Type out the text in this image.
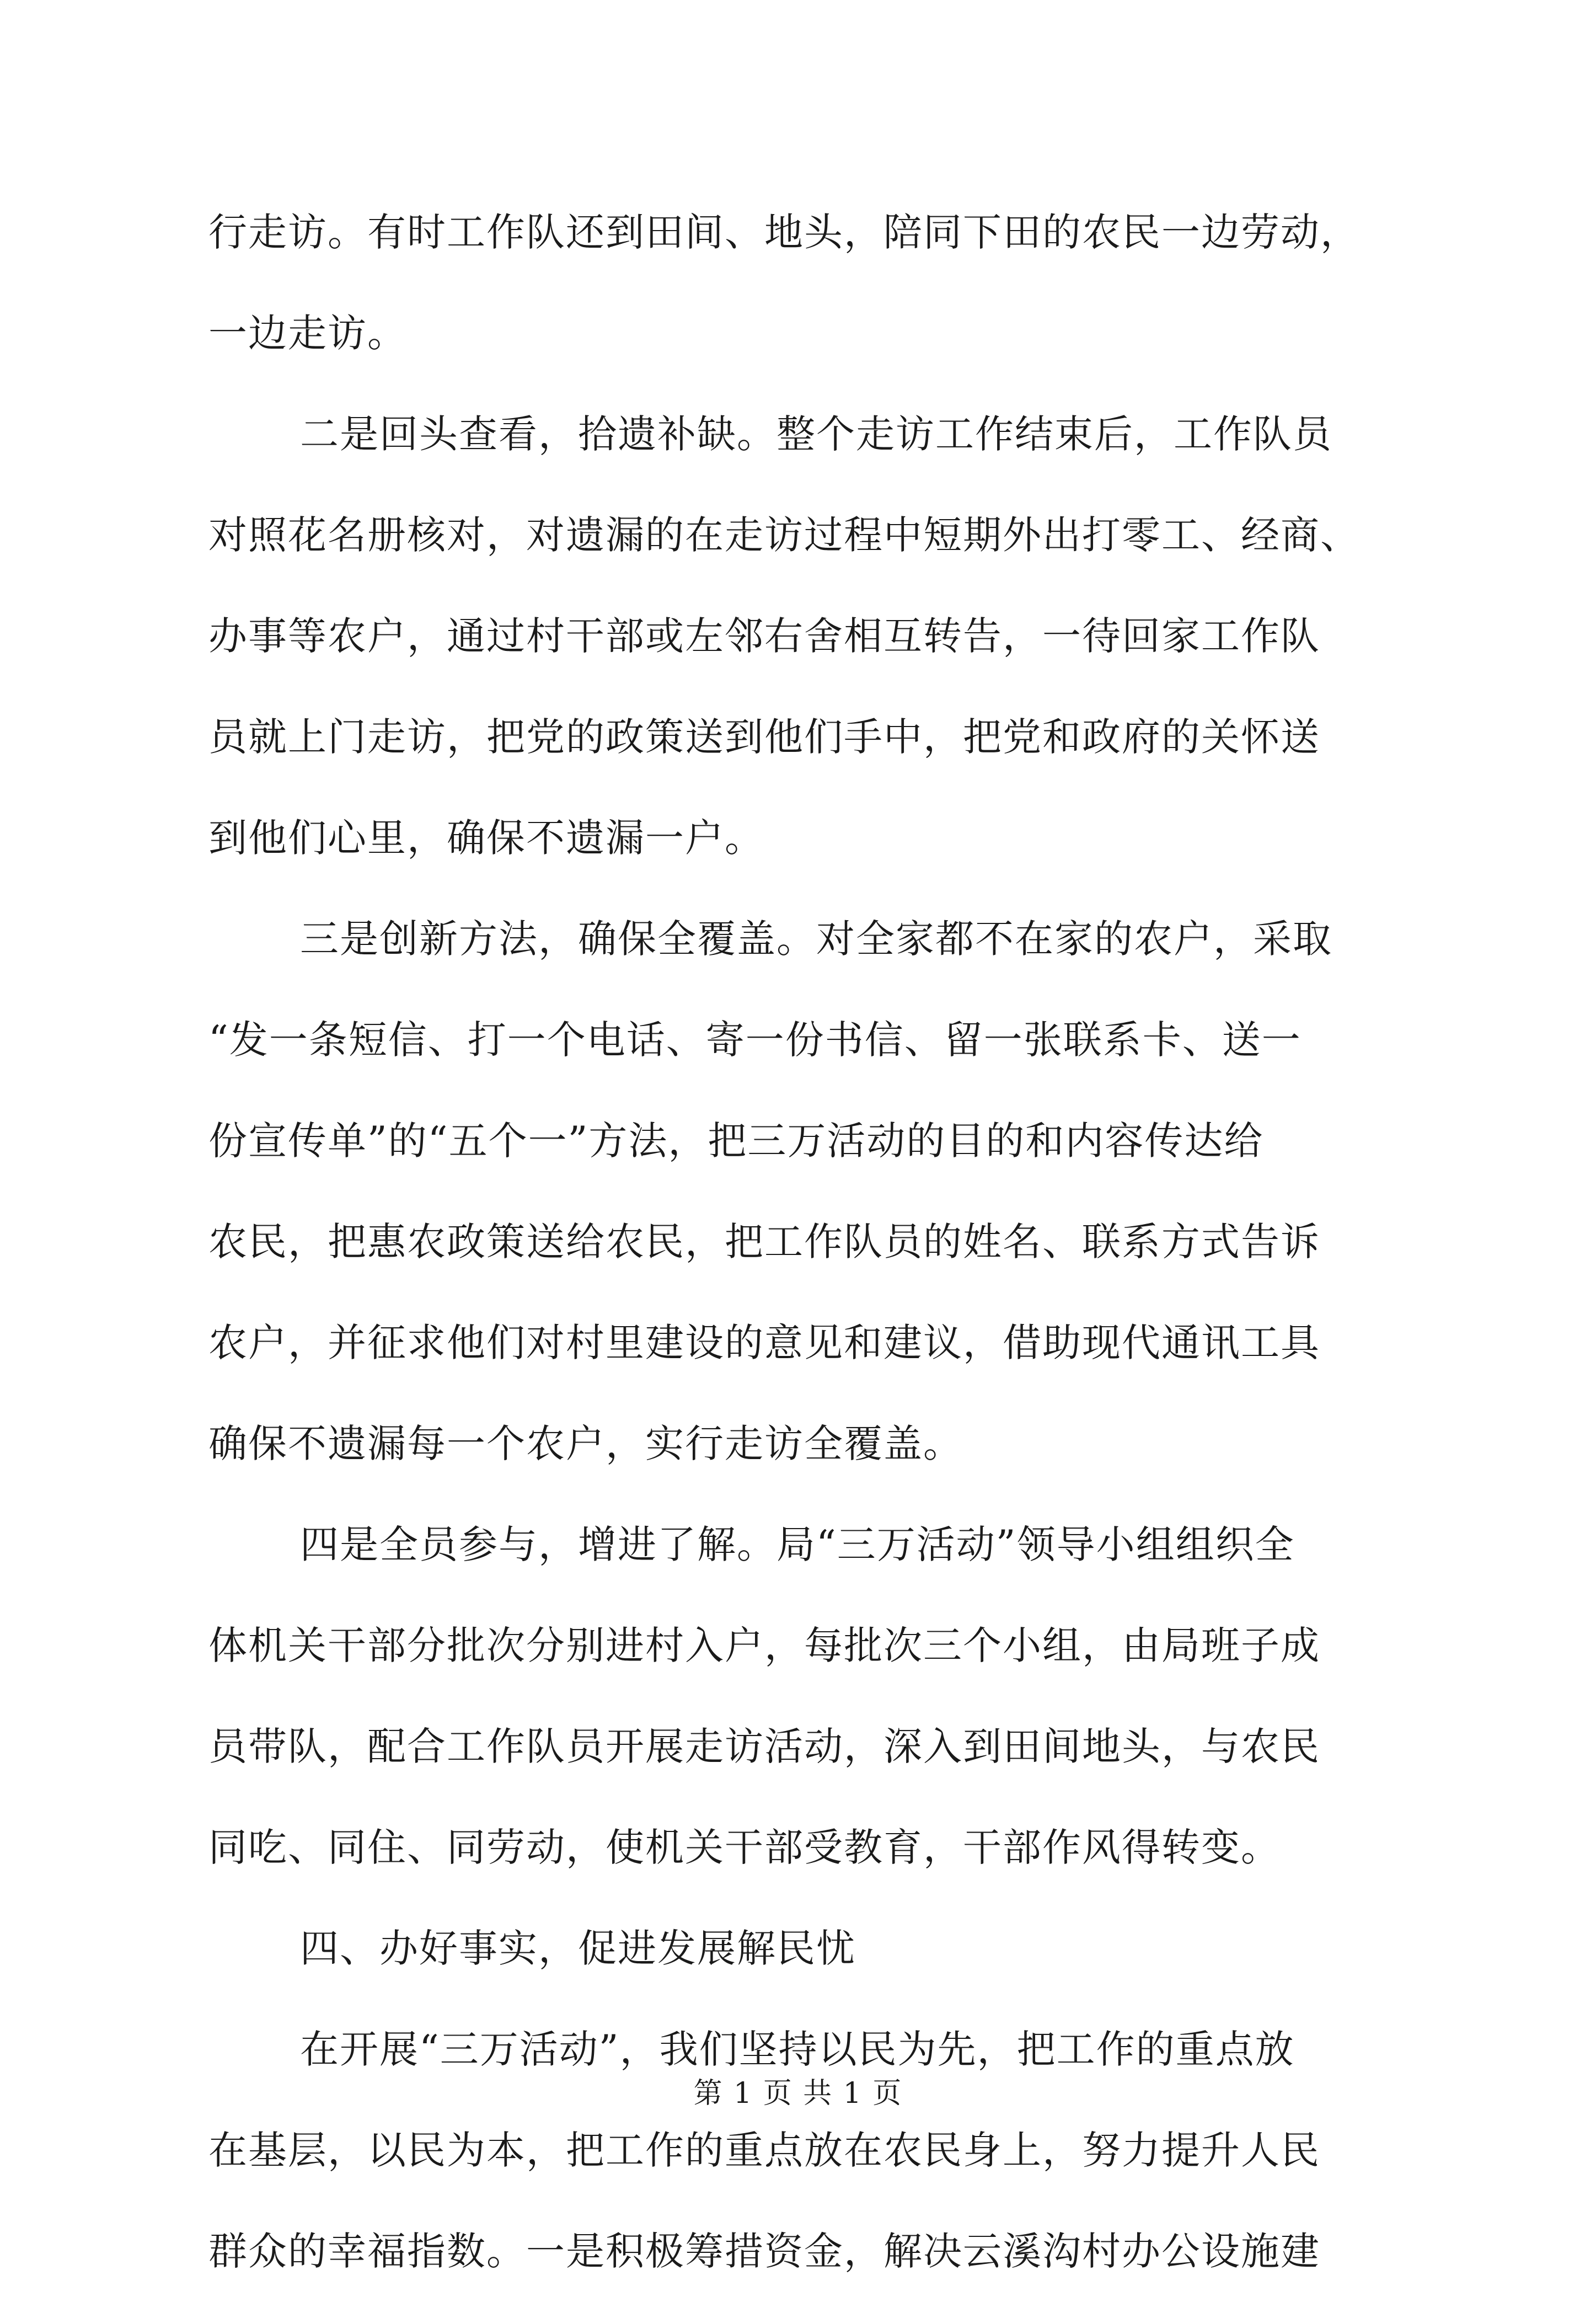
行走访。有时工作队还到田间、地头，陪同下田的农民一边劳动，
一边走访。
二是回头查看，拾遗补缺。整个走访工作结束后，工作队员
对照花名册核对，对遗漏的在走访过程中短期外出打零工、经商、
办事等农户，通过村干部或左邻右舍相互转告，一待回家工作队
员就上门走访，把党的政策送到他们手中，把党和政府的关怀送
到他们心里，确保不遗漏一户。
三是创新方法，确保全覆盖。对全家都不在家的农户，采取
“发一条短信、打一个电话、寄一份书信、留一张联系卡、送一
份宣传单”的“五个一”方法，把三万活动的目的和内容传达给
农民，把惠农政策送给农民，把工作队员的姓名、联系方式告诉
农户，并征求他们对村里建设的意见和建议，借助现代通讯工具
确保不遗漏每一个农户，实行走访全覆盖。
四是全员参与，增进了解。局“三万活动”领导小组组织全
体机关干部分批次分别进村入户，每批次三个小组，由局班子成
员带队，配合工作队员开展走访活动，深入到田间地头，与农民
同吃、同住、同劳动，使机关干部受教育，干部作风得转变。
四、办好事实，促进发展解民忧
在开展“三万活动”，我们坚持以民为先，把工作的重点放
在基层，以民为本，把工作的重点放在农民身上，努力提升人民
群众的幸福指数。一是积极筹措资金，解决云溪沟村办公设施建
第 1 页 共 1 页
